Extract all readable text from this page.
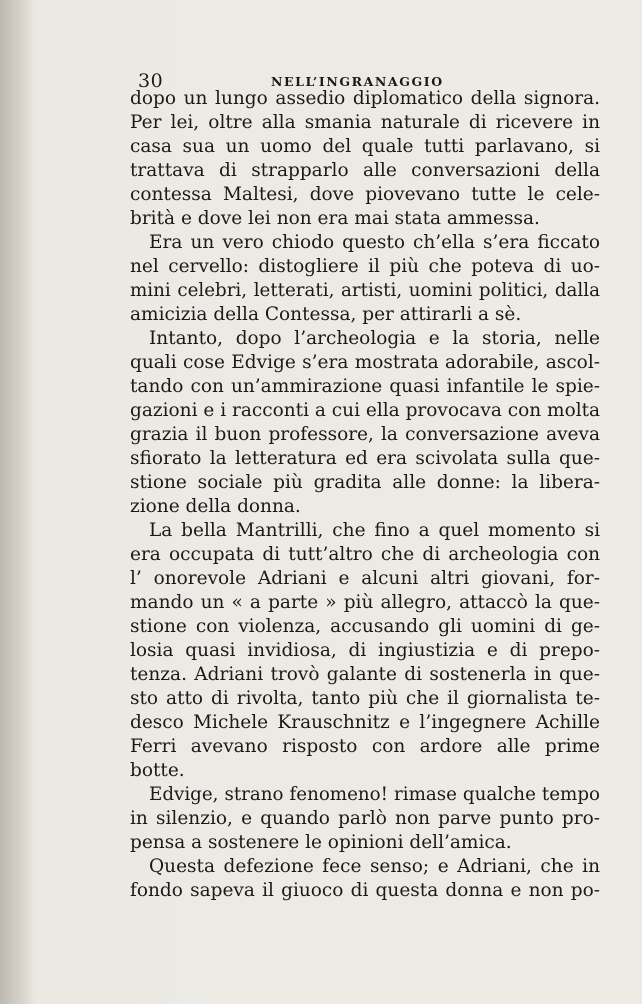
30	NELL’INGRANAGGIO
dopo un lungo assedio diplomatico della signora.
Per lei, oltre alla smania naturale di ricevere in
casa sua un uomo del quale tutti parlavano, si
trattava di strapparlo alle conversazioni della
contessa Maltesi, dove piovevano tutte le cele-
brità e dove lei non era mai stata ammessa.
Era un vero chiodo questo ch’ella s’era ficcato
nel cervello: distogliere il più che poteva di uo-
mini celebri, letterati, artisti, uomini politici, dalla
amicizia della Contessa, per attirarli a sè.
Intanto, dopo l’archeologia e la storia, nelle
quali cose Edvige s’era mostrata adorabile, ascol-
tando con un’ammirazione quasi infantile le spie-
gazioni e i racconti a cui ella provocava con molta
grazia il buon professore, la conversazione aveva
sfiorato la letteratura ed era scivolata sulla que-
stione sociale più gradita alle donne: la libera-
zione della donna.
La bella Mantrilli, che fino a quel momento si
era occupata di tutt’altro che di archeologia con
l’ onorevole Adriani e alcuni altri giovani, for-
mando un « a parte » più allegro, attaccò la que-
stione con violenza, accusando gli uomini di ge-
losia quasi invidiosa, di ingiustizia e di prepo-
tenza. Adriani trovò galante di sostenerla in que-
sto atto di rivolta, tanto più che il giornalista te-
desco Michele Krauschnitz e l’ingegnere Achille
Ferri avevano risposto con ardore alle prime
botte.
Edvige, strano fenomeno! rimase qualche tempo
in silenzio, e quando parlò non parve punto pro-
pensa a sostenere le opinioni dell’amica.
Questa defezione fece senso; e Adriani, che in
fondo sapeva il giuoco di questa donna e non po-
